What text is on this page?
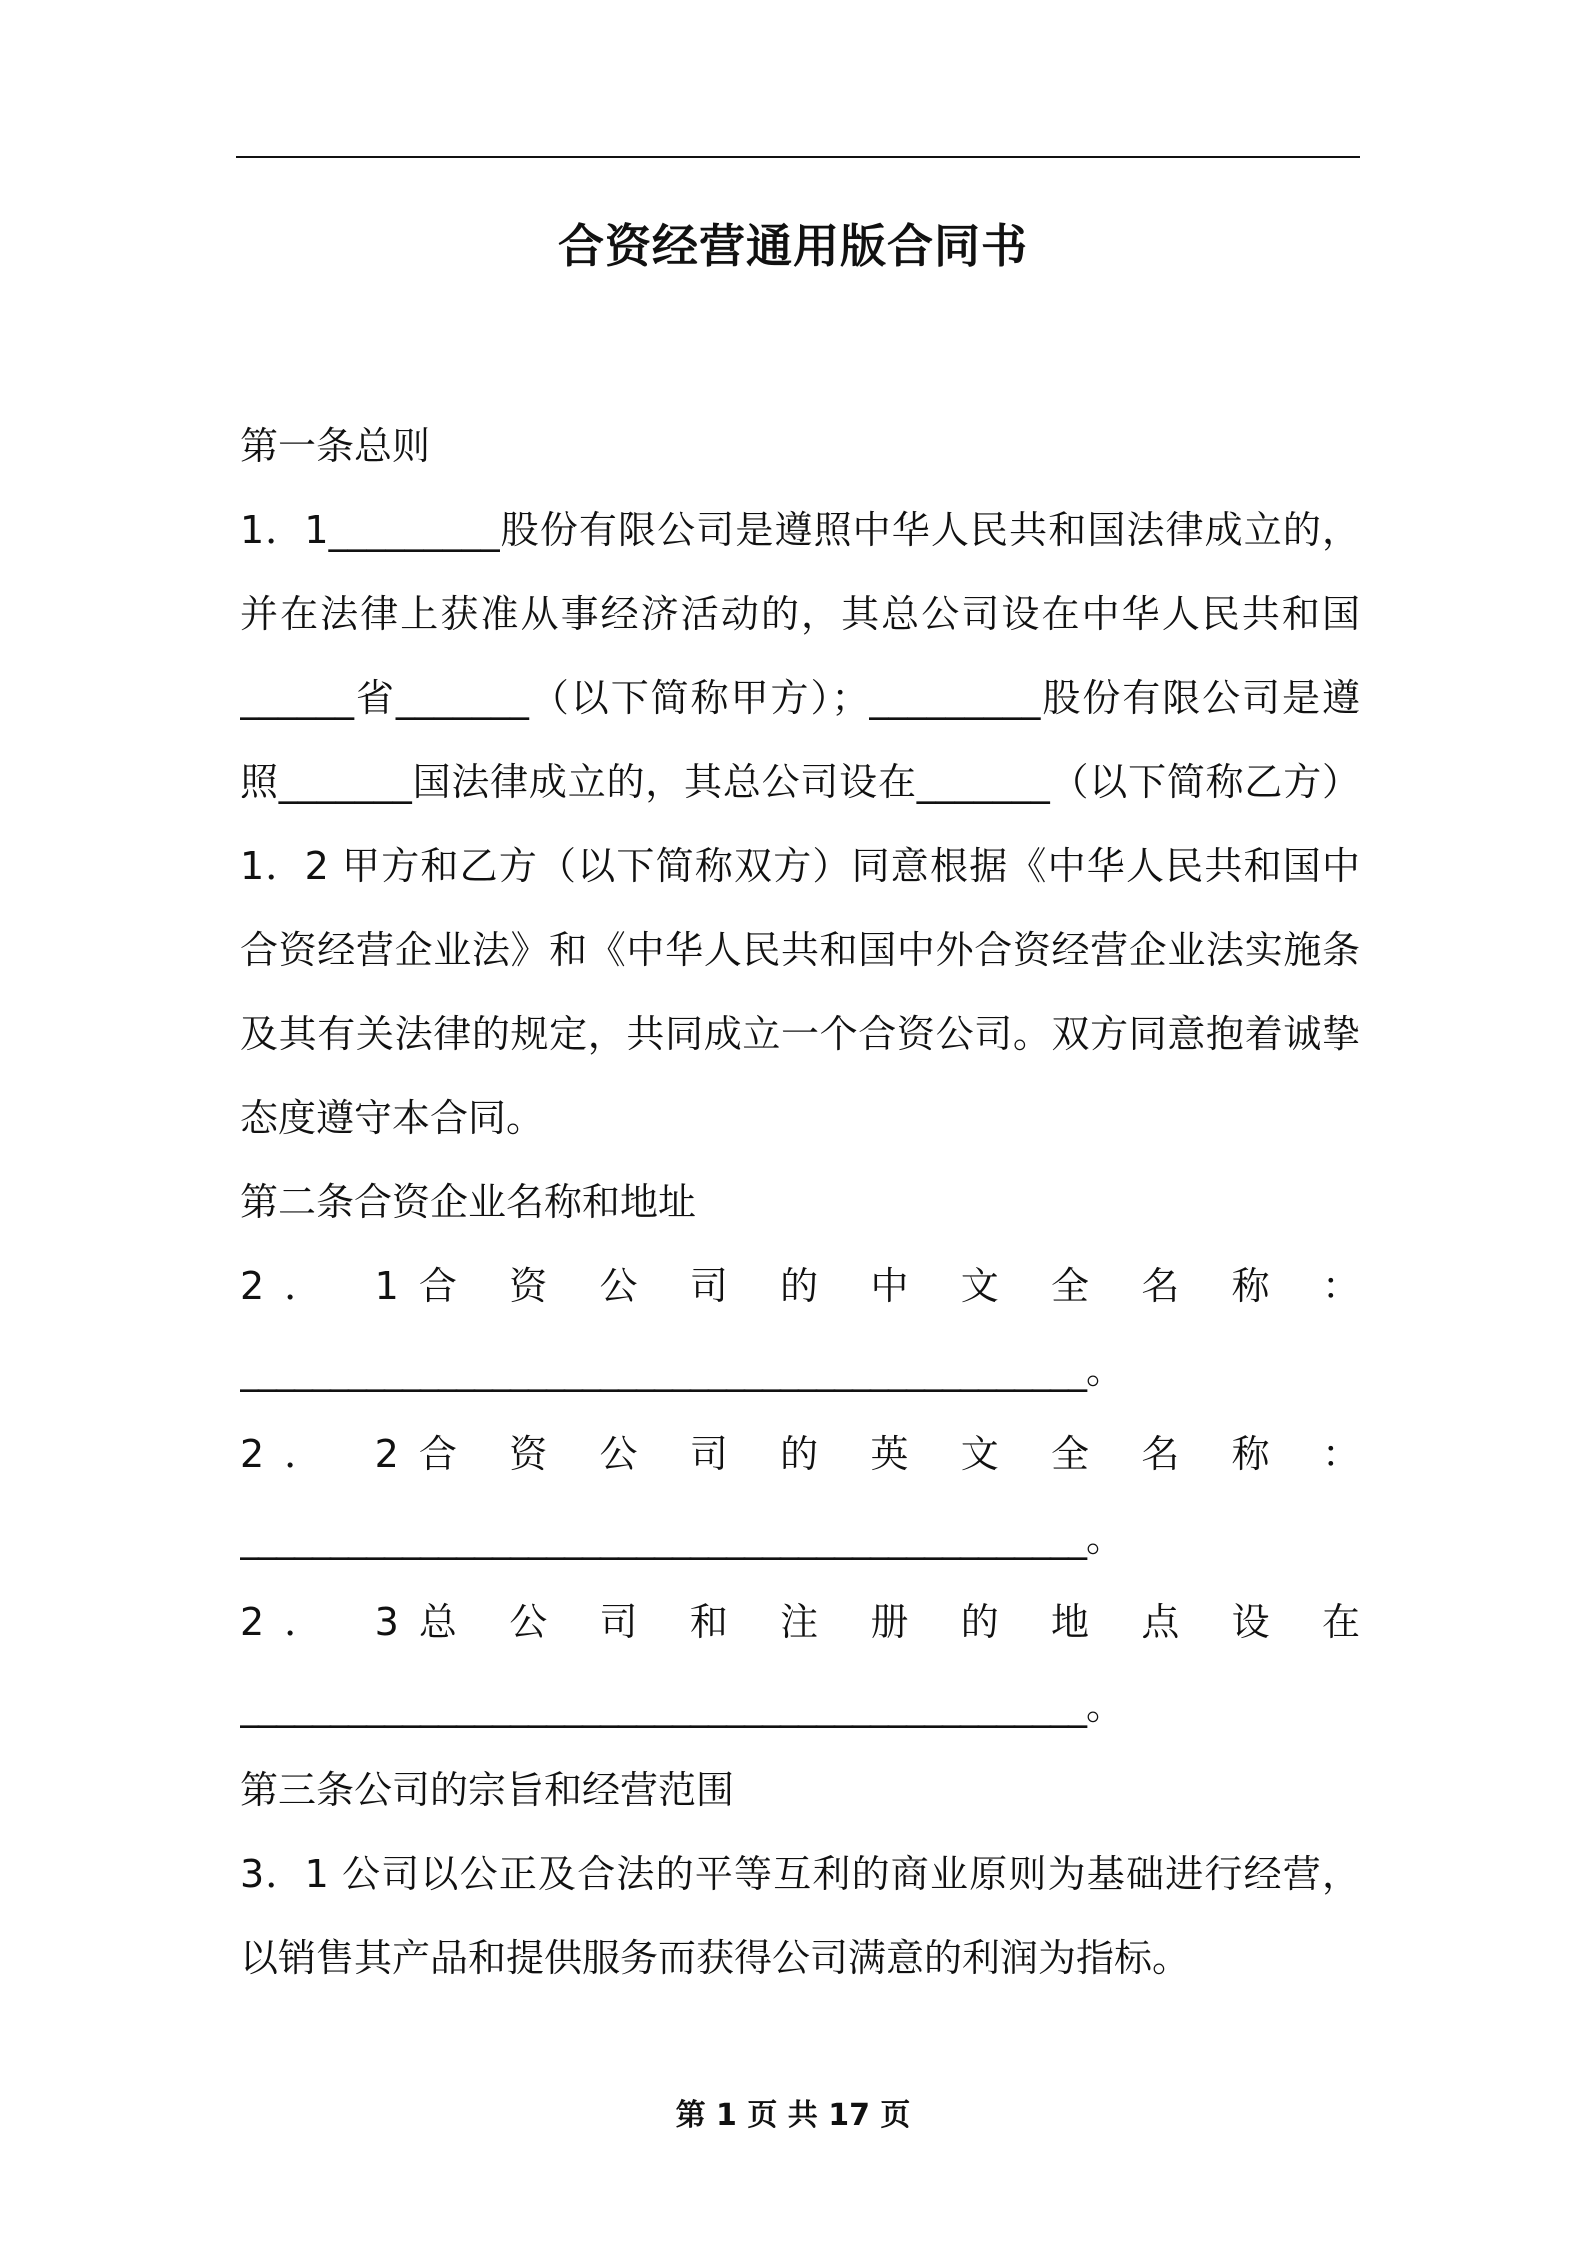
合资经营通用版合同书
第一条总则
1．1_________股份有限公司是遵照中华人民共和国法律成立的，
并在法律上获准从事经济活动的，其总公司设在中华人民共和国
______省_______（以下简称甲方）；_________股份有限公司是遵
照_______国法律成立的，其总公司设在_______（以下简称乙方）
1．2 甲方和乙方（以下简称双方）同意根据《中华人民共和国中
合资经营企业法》和《中华人民共和国中外合资经营企业法实施条
及其有关法律的规定，共同成立一个合资公司。双方同意抱着诚挚
态度遵守本合同。
第二条合资企业名称和地址
2． 1合 资 公 司 的 中 文 全 名 称 ：
_______________________________________________。
2． 2合 资 公 司 的 英 文 全 名 称 ：
_______________________________________________。
2． 3总 公 司 和 注 册 的 地 点 设 在
_______________________________________________。
第三条公司的宗旨和经营范围
3．1 公司以公正及合法的平等互利的商业原则为基础进行经营，
以销售其产品和提供服务而获得公司满意的利润为指标。
第 1 页 共 17 页
